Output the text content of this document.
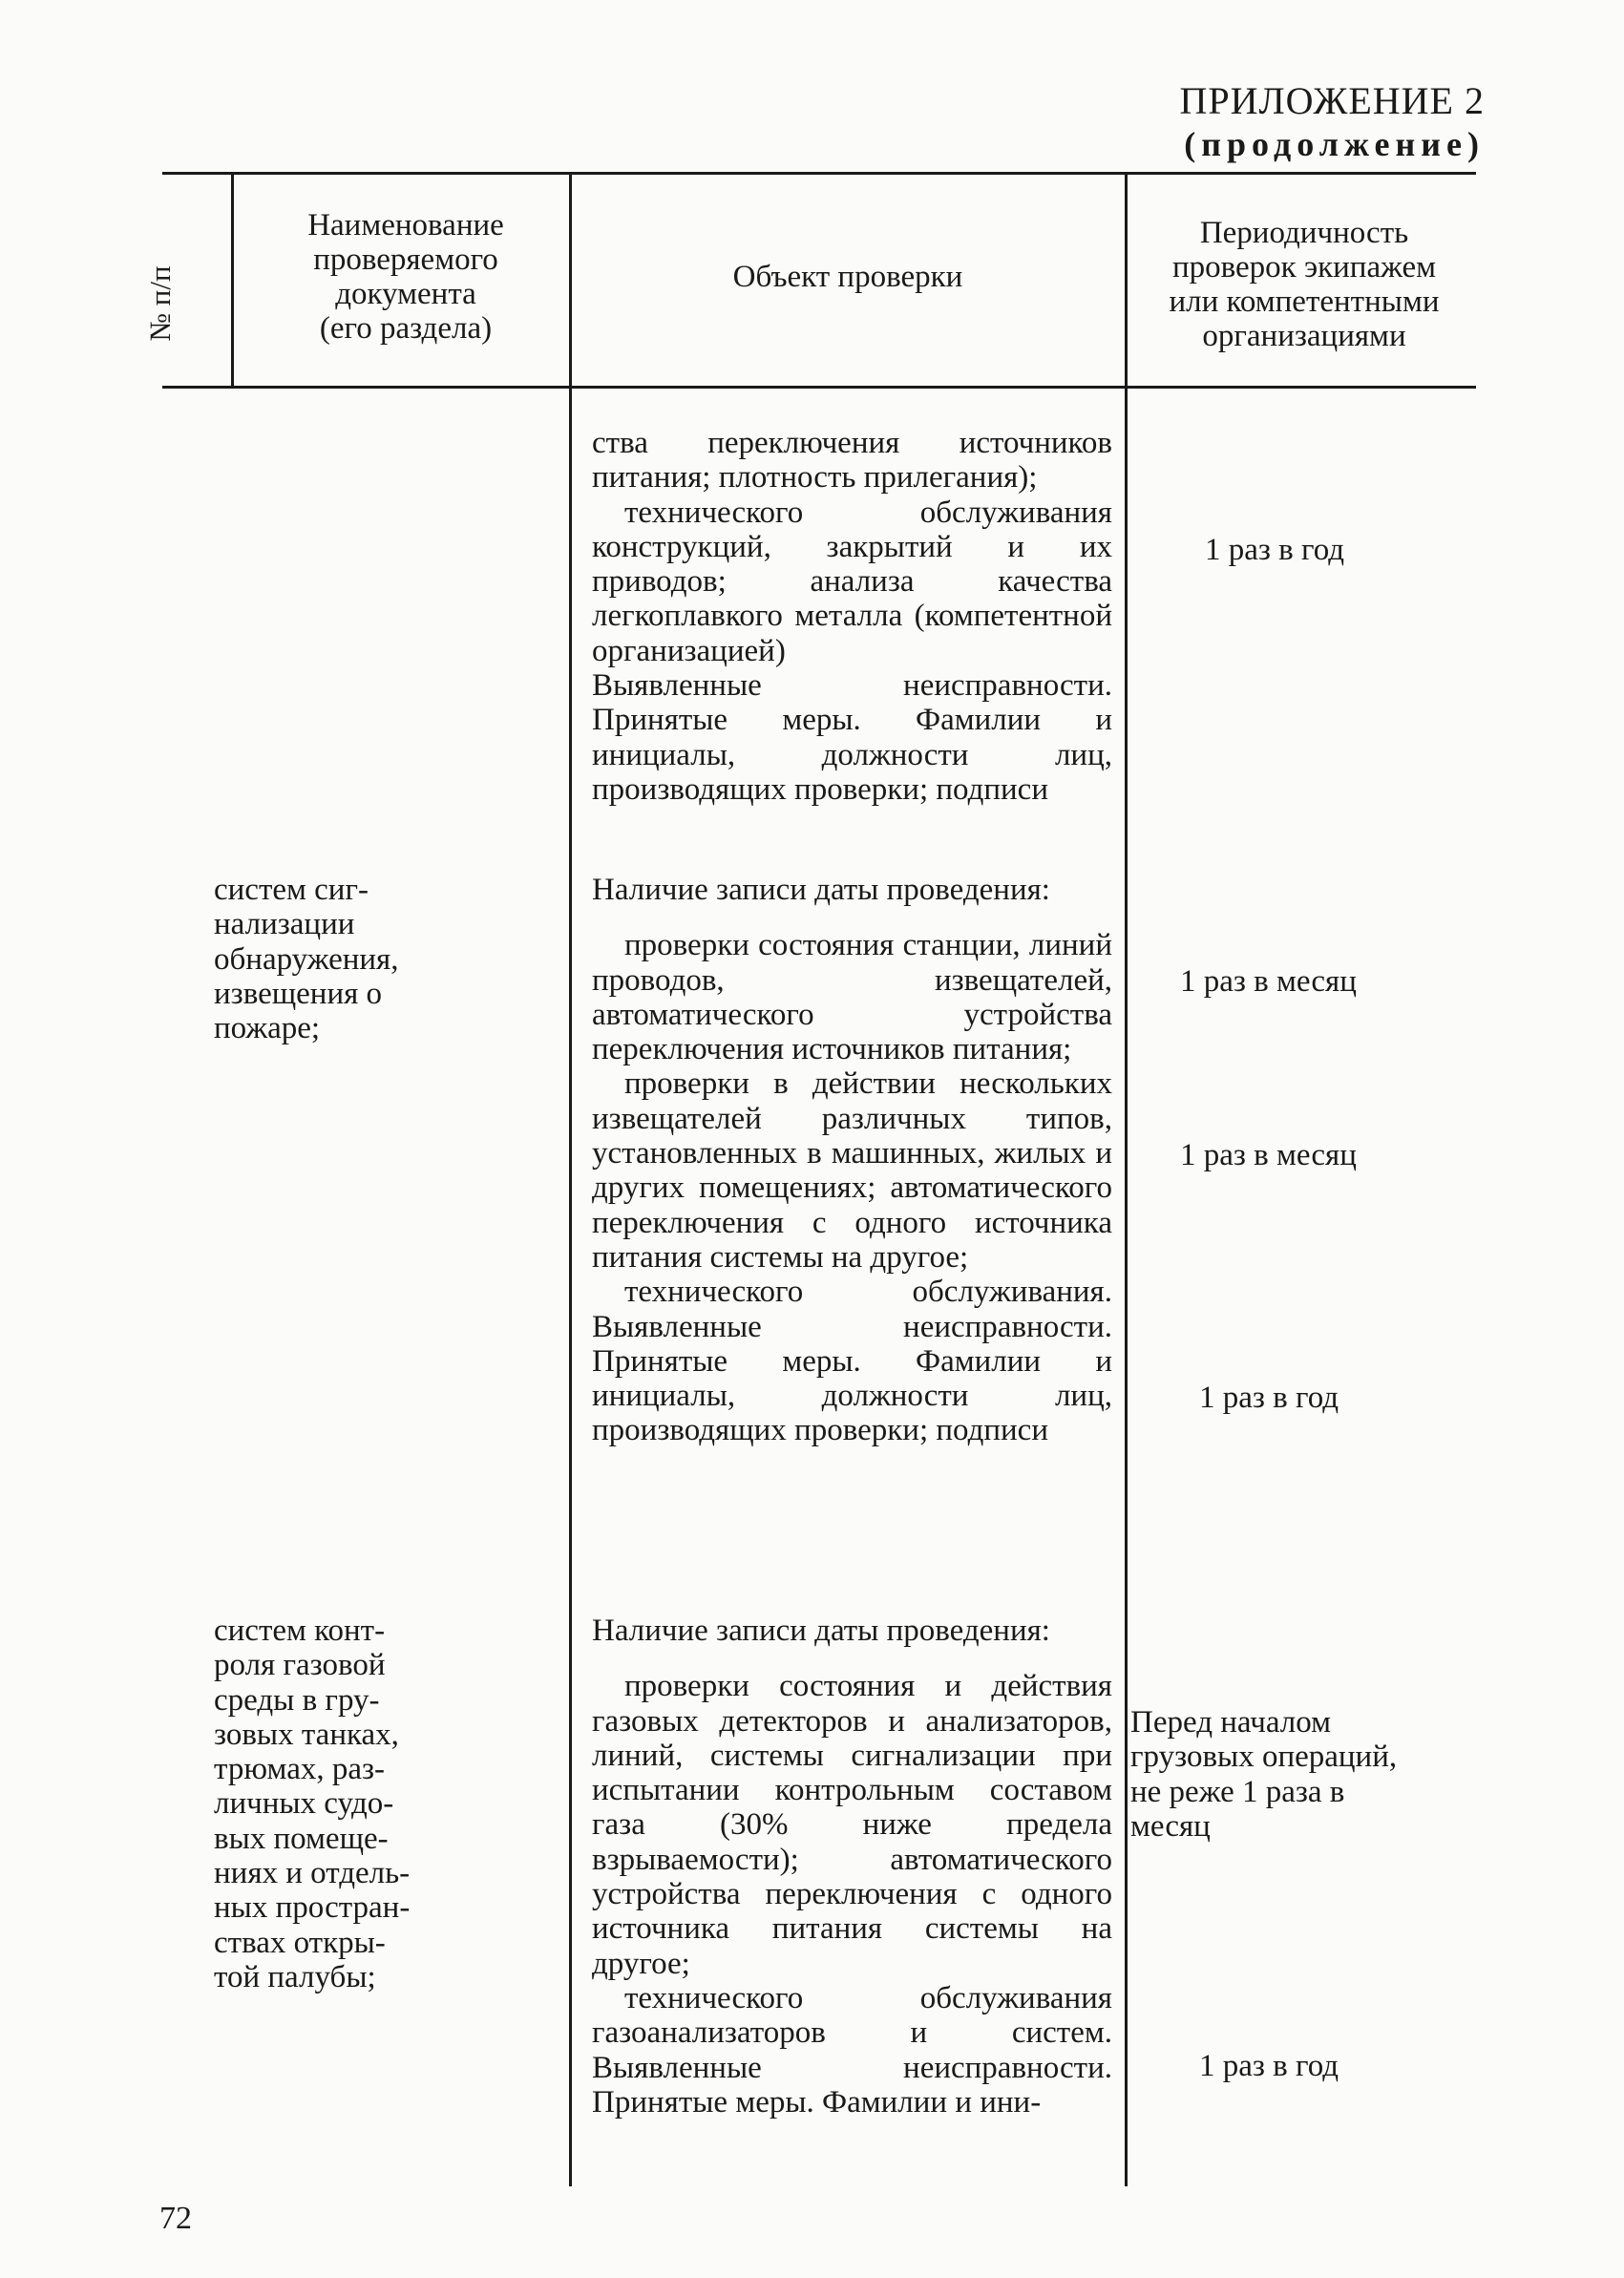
ПРИЛОЖЕНИЕ 2
(продолжение)
№ п/п
Наименование
проверяемого
документа
(его раздела)
Объект проверки
Периодичность
проверок экипажем
или компетентными
организациями

ства переключения источников питания; плотность прилегания);

технического обслуживания конструкций, закрытий и их приводов; анализа качества легкоплавкого металла (компетентной организацией)

Выявленные неисправности. Принятые меры. Фамилии и инициалы, должности лиц, производящих проверки; подписи

1 раз в год

систем сиг-

нализации

обнаружения,

извещения о

пожаре;

Наличие записи даты проведения:

проверки состояния станции, линий проводов, извещателей, автоматического устройства переключения источников питания;

проверки в действии нескольких извещателей различных типов, установленных в машинных, жилых и других помещениях; автоматического переключения с одного источника питания системы на другое;

технического обслуживания. Выявленные неисправности. Принятые меры. Фамилии и инициалы, должности лиц, производящих проверки; подписи

1 раз в месяц
1 раз в месяц
1 раз в год

систем конт-

роля газовой

среды в гру-

зовых танках,

трюмах, раз-

личных судо-

вых помеще-

ниях и отдель-

ных простран-

ствах откры-

той палубы;

Наличие записи даты проведения:

проверки состояния и действия газовых детекторов и анализаторов, линий, системы сигнализации при испытании контрольным составом газа (30% ниже предела взрываемости); автоматического устройства переключения с одного источника питания системы на другое;

технического обслуживания газоанализаторов и систем. Выявленные неисправности. Принятые меры. Фамилии и ини-

Перед началом
грузовых операций,
не реже 1 раза в
месяц
1 раз в год
72
